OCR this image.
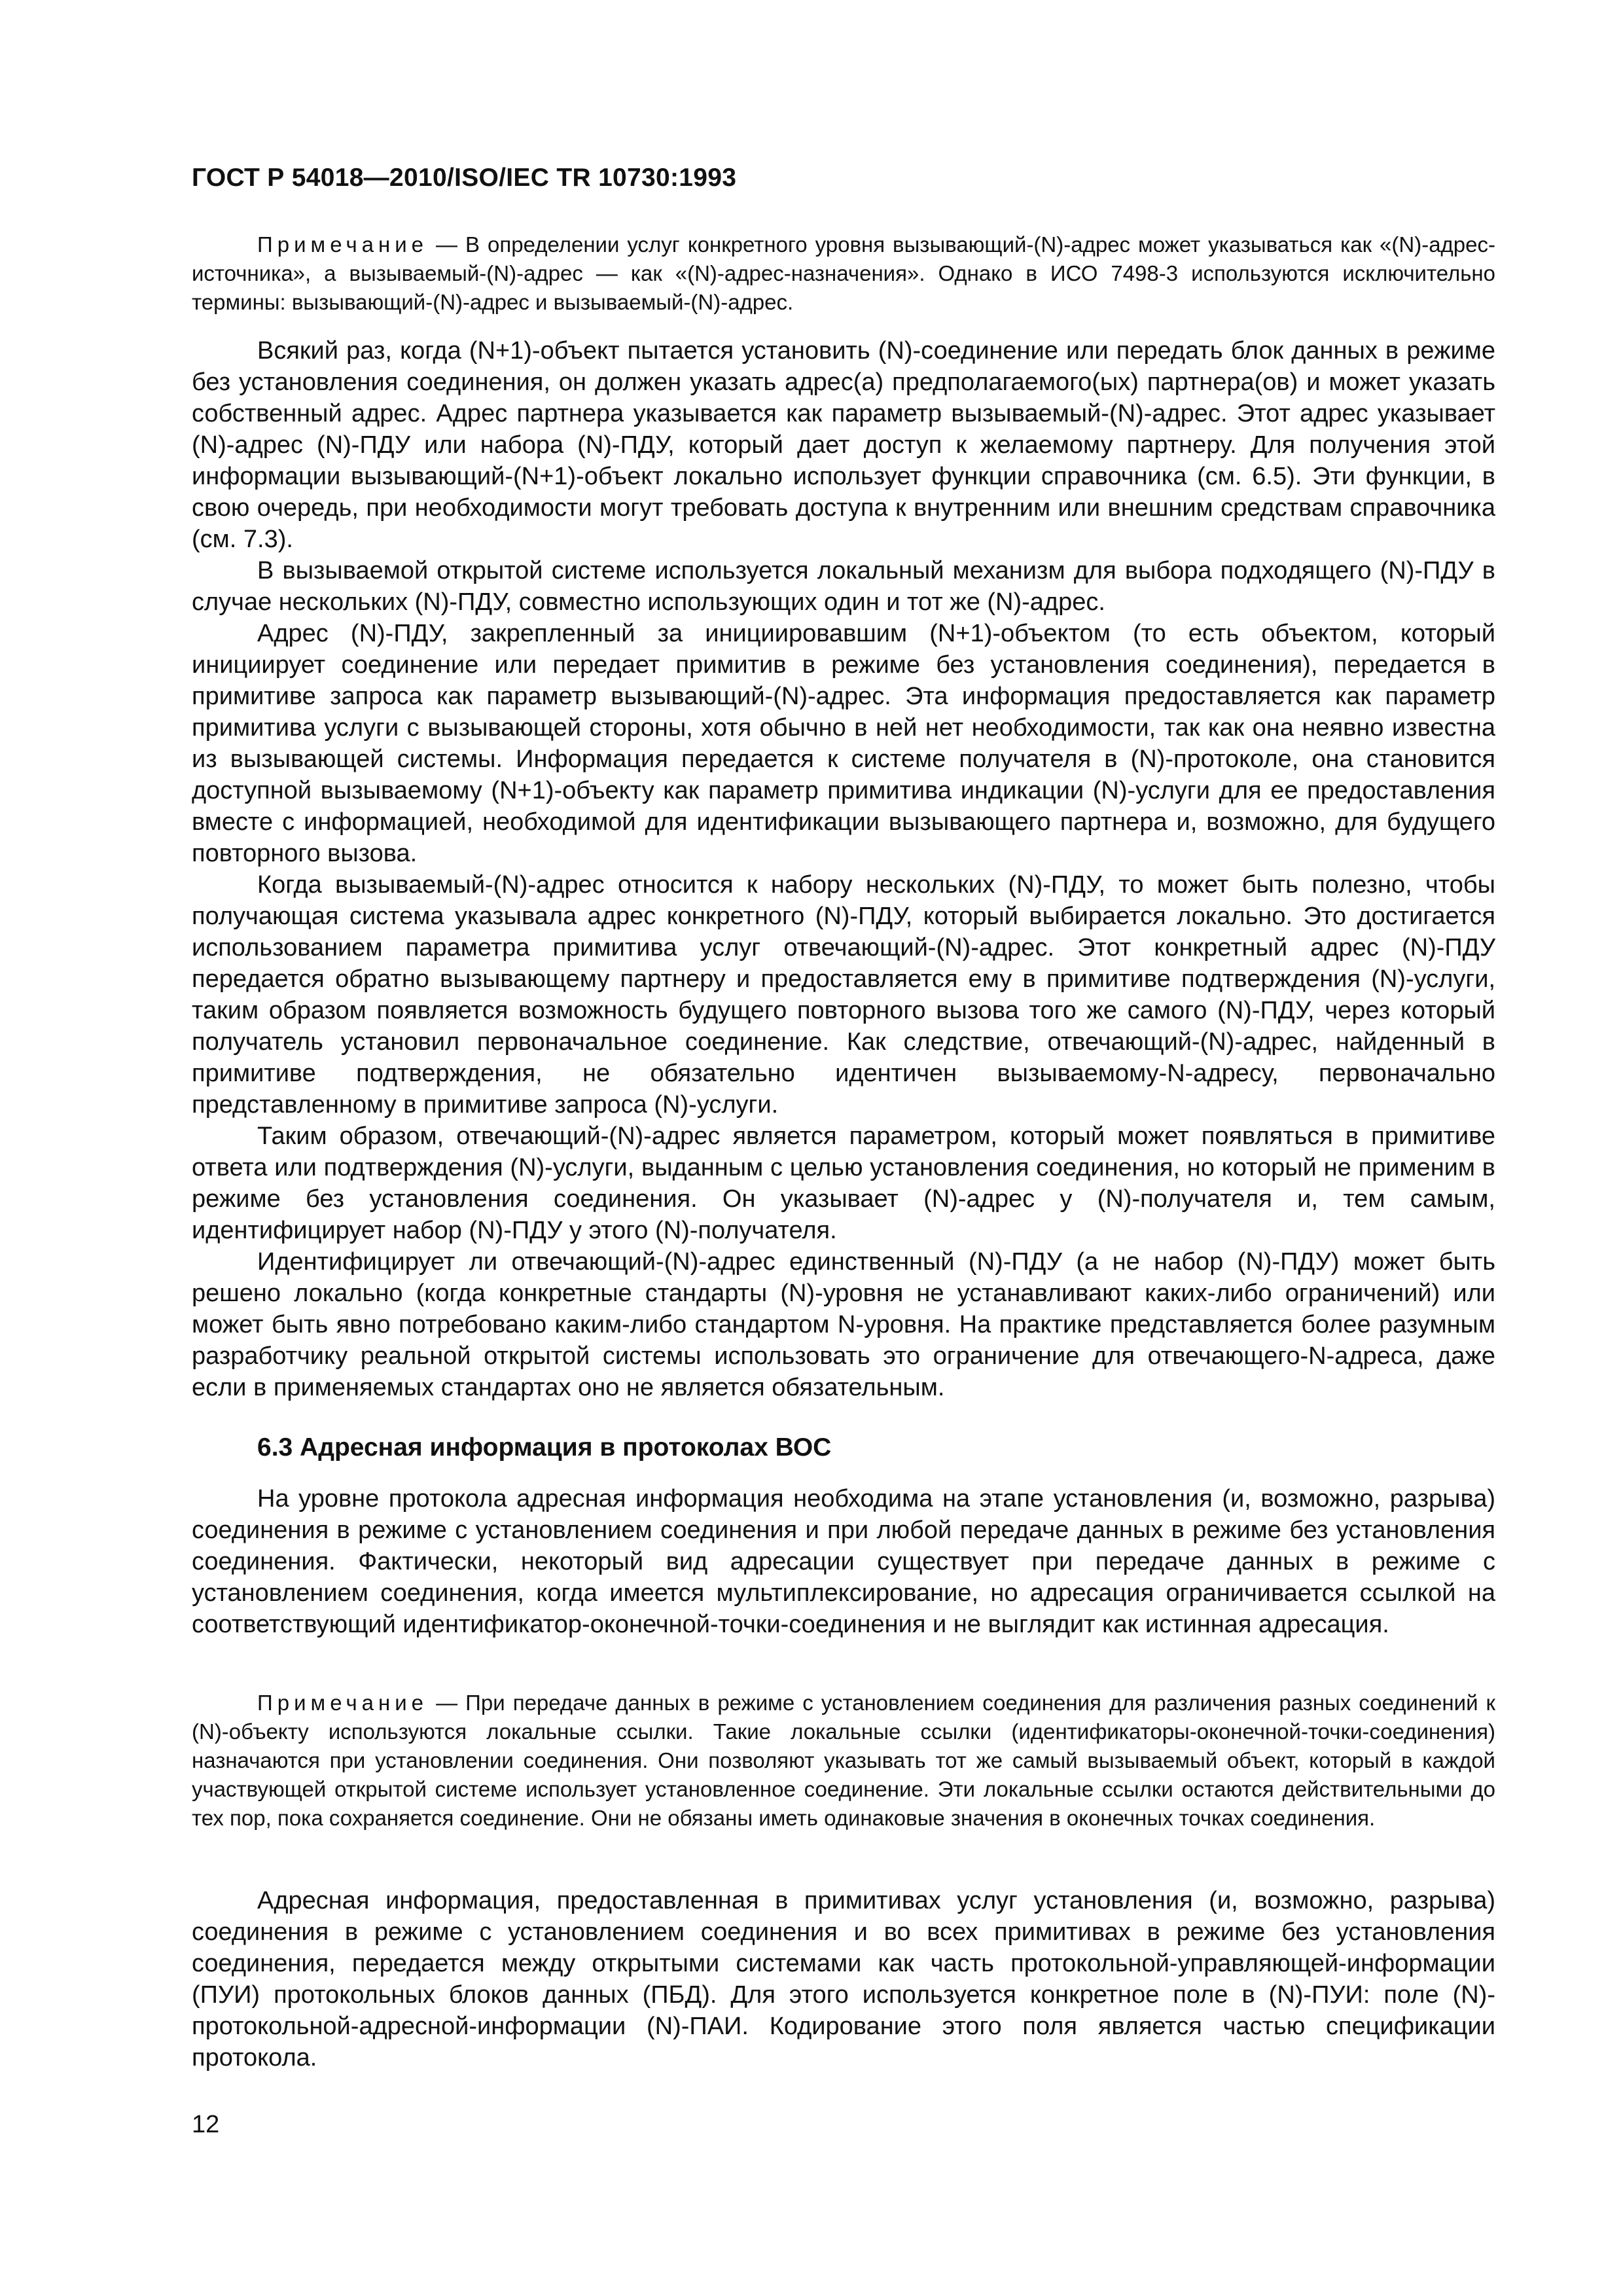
ГОСТ Р 54018—2010/ISO/IEC TR 10730:1993

Примечание — В определении услуг конкретного уровня вызывающий-(N)-адрес может указываться как «(N)-адрес-источника», а вызываемый-(N)-адрес — как «(N)-адрес-назначения». Однако в ИСО 7498-3 используются исключительно термины: вызывающий-(N)-адрес и вызываемый-(N)-адрес.

Всякий раз, когда (N+1)-объект пытается установить (N)-соединение или передать блок данных в режиме без установления соединения, он должен указать адрес(а) предполагаемого(ых) партнера(ов) и может указать собственный адрес. Адрес партнера указывается как параметр вызываемый-(N)-адрес. Этот адрес указывает (N)-адрес (N)-ПДУ или набора (N)-ПДУ, который дает доступ к желаемому партнеру. Для получения этой информации вызывающий-(N+1)-объект локально использует функции справочника (см. 6.5). Эти функции, в свою очередь, при необходимости могут требовать доступа к внутренним или внешним средствам справочника (см. 7.3).

В вызываемой открытой системе используется локальный механизм для выбора подходящего (N)-ПДУ в случае нескольких (N)-ПДУ, совместно использующих один и тот же (N)-адрес.

Адрес (N)-ПДУ, закрепленный за инициировавшим (N+1)-объектом (то есть объектом, который инициирует соединение или передает примитив в режиме без установления соединения), передается в примитиве запроса как параметр вызывающий-(N)-адрес. Эта информация предоставляется как параметр примитива услуги с вызывающей стороны, хотя обычно в ней нет необходимости, так как она неявно известна из вызывающей системы. Информация передается к системе получателя в (N)-протоколе, она становится доступной вызываемому (N+1)-объекту как параметр примитива индикации (N)-услуги для ее предоставления вместе с информацией, необходимой для идентификации вызывающего партнера и, возможно, для будущего повторного вызова.

Когда вызываемый-(N)-адрес относится к набору нескольких (N)-ПДУ, то может быть полезно, чтобы получающая система указывала адрес конкретного (N)-ПДУ, который выбирается локально. Это достигается использованием параметра примитива услуг отвечающий-(N)-адрес. Этот конкретный адрес (N)-ПДУ передается обратно вызывающему партнеру и предоставляется ему в примитиве подтверждения (N)-услуги, таким образом появляется возможность будущего повторного вызова того же самого (N)-ПДУ, через который получатель установил первоначальное соединение. Как следствие, отвечающий-(N)-адрес, найденный в примитиве подтверждения, не обязательно идентичен вызываемому-N-адресу, первоначально представленному в примитиве запроса (N)-услуги.

Таким образом, отвечающий-(N)-адрес является параметром, который может появляться в примитиве ответа или подтверждения (N)-услуги, выданным с целью установления соединения, но который не применим в режиме без установления соединения. Он указывает (N)-адрес у (N)-получателя и, тем самым, идентифицирует набор (N)-ПДУ у этого (N)-получателя.

Идентифицирует ли отвечающий-(N)-адрес единственный (N)-ПДУ (а не набор (N)-ПДУ) может быть решено локально (когда конкретные стандарты (N)-уровня не устанавливают каких-либо ограничений) или может быть явно потребовано каким-либо стандартом N-уровня. На практике представляется более разумным разработчику реальной открытой системы использовать это ограничение для отвечающего-N-адреса, даже если в применяемых стандартах оно не является обязательным.

6.3 Адресная информация в протоколах ВОС

На уровне протокола адресная информация необходима на этапе установления (и, возможно, разрыва) соединения в режиме с установлением соединения и при любой передаче данных в режиме без установления соединения. Фактически, некоторый вид адресации существует при передаче данных в режиме с установлением соединения, когда имеется мультиплексирование, но адресация ограничивается ссылкой на соответствующий идентификатор-оконечной-точки-соединения и не выглядит как истинная адресация.

Примечание — При передаче данных в режиме с установлением соединения для различения разных соединений к (N)-объекту используются локальные ссылки. Такие локальные ссылки (идентификаторы-оконечной-точки-соединения) назначаются при установлении соединения. Они позволяют указывать тот же самый вызываемый объект, который в каждой участвующей открытой системе использует установленное соединение. Эти локальные ссылки остаются действительными до тех пор, пока сохраняется соединение. Они не обязаны иметь одинаковые значения в оконечных точках соединения.

Адресная информация, предоставленная в примитивах услуг установления (и, возможно, разрыва) соединения в режиме с установлением соединения и во всех примитивах в режиме без установления соединения, передается между открытыми системами как часть протокольной-управляющей-информации (ПУИ) протокольных блоков данных (ПБД). Для этого используется конкретное поле в (N)-ПУИ: поле (N)-протокольной-адресной-информации (N)-ПАИ. Кодирование этого поля является частью спецификации протокола.

12
